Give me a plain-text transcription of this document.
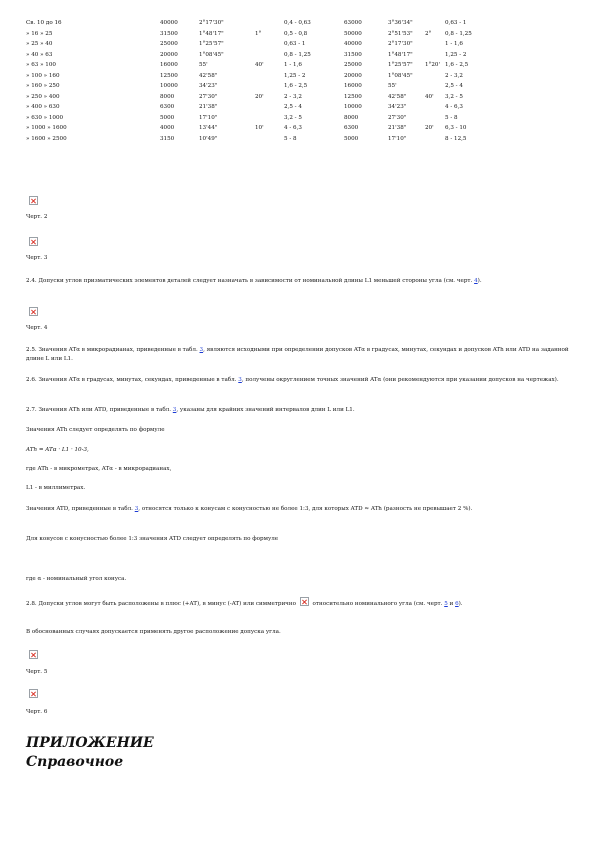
Св. 10 до 16	40000	2°17'30"		0,4 - 0,63	63000	3°36'34"		0,63 - 1
» 16 » 25	31500	1°48'17"	1°	0,5 - 0,8	50000	2°51'53"	2°	0,8 - 1,25
» 25 » 40	25000	1°25'57"		0,63 - 1	40000	2°17'30"		1 - 1,6
» 40 » 63	20000	1°08'45"		0,8 - 1,25	31500	1°48'17"		1,25 - 2
» 63 » 100	16000	55'	40'	1 - 1,6	25000	1°25'57"	1°20'	1,6 - 2,5
» 100 » 160	12500	42'58"		1,25 - 2	20000	1°08'45"		2 - 3,2
» 160 » 250	10000	34'23"		1,6 - 2,5	16000	55'		2,5 - 4
» 250 » 400	8000	27'30"	20'	2 - 3,2	12500	42'58"	40'	3,2 - 5
» 400 » 630	6300	21'38"		2,5 - 4	10000	34'23"		4 - 6,3
» 630 » 1000	5000	17'10"		3,2 - 5	8000	27'30"		5 - 8
» 1000 » 1600	4000	13'44"	10'	4 - 6,3	6300	21'38"	20'	6,3 - 10
» 1600 » 2500	3150	10'49"		5 - 8	5000	17'10"		8 - 12,5
Черт. 2
Черт. 3
2.4. Допуски углов призматических элементов деталей следует назначать в зависимости от номинальной длины L1 меньшей стороны угла (см. черт. 4).
Черт. 4
2.5. Значения ATα в микрорадианах, приведенные в табл. 3, являются исходными при определении допусков ATα в градусах, минутах, секундах и допусков ATh или ATD на заданной длине L или L1.
2.6. Значения ATα в градусах, минутах, секундах, приведенные в табл. 3, получены округлением точных значений ATα (они рекомендуются при указании допусков на чертежах).
2.7. Значения ATh или ATD, приведенные в табл. 3, указаны для крайних значений интервалов длин L или L1.
Значения ATh следует определять по формуле
ATh = ATα · L1 · 10-3,
где ATh - в микрометрах, ATα - в микрорадианах,
L1 - в миллиметрах.
Значения ATD, приведенные в табл. 3, относятся только к конусам с конусностью не более 1:3, для которых ATD ≈ ATh (разность не превышает 2 %).
Для конусов с конусностью более 1:3 значения ATD следует определять по формуле
где α - номинальный угол конуса.
2.8. Допуски углов могут быть расположены в плюс (+AT), в минус (-AT) или симметрично  относительно номинального угла (см. черт. 5 и 6).
В обоснованных случаях допускается применять другое расположение допуска угла.
Черт. 5
Черт. 6
ПРИЛОЖЕНИЕ
Справочное
